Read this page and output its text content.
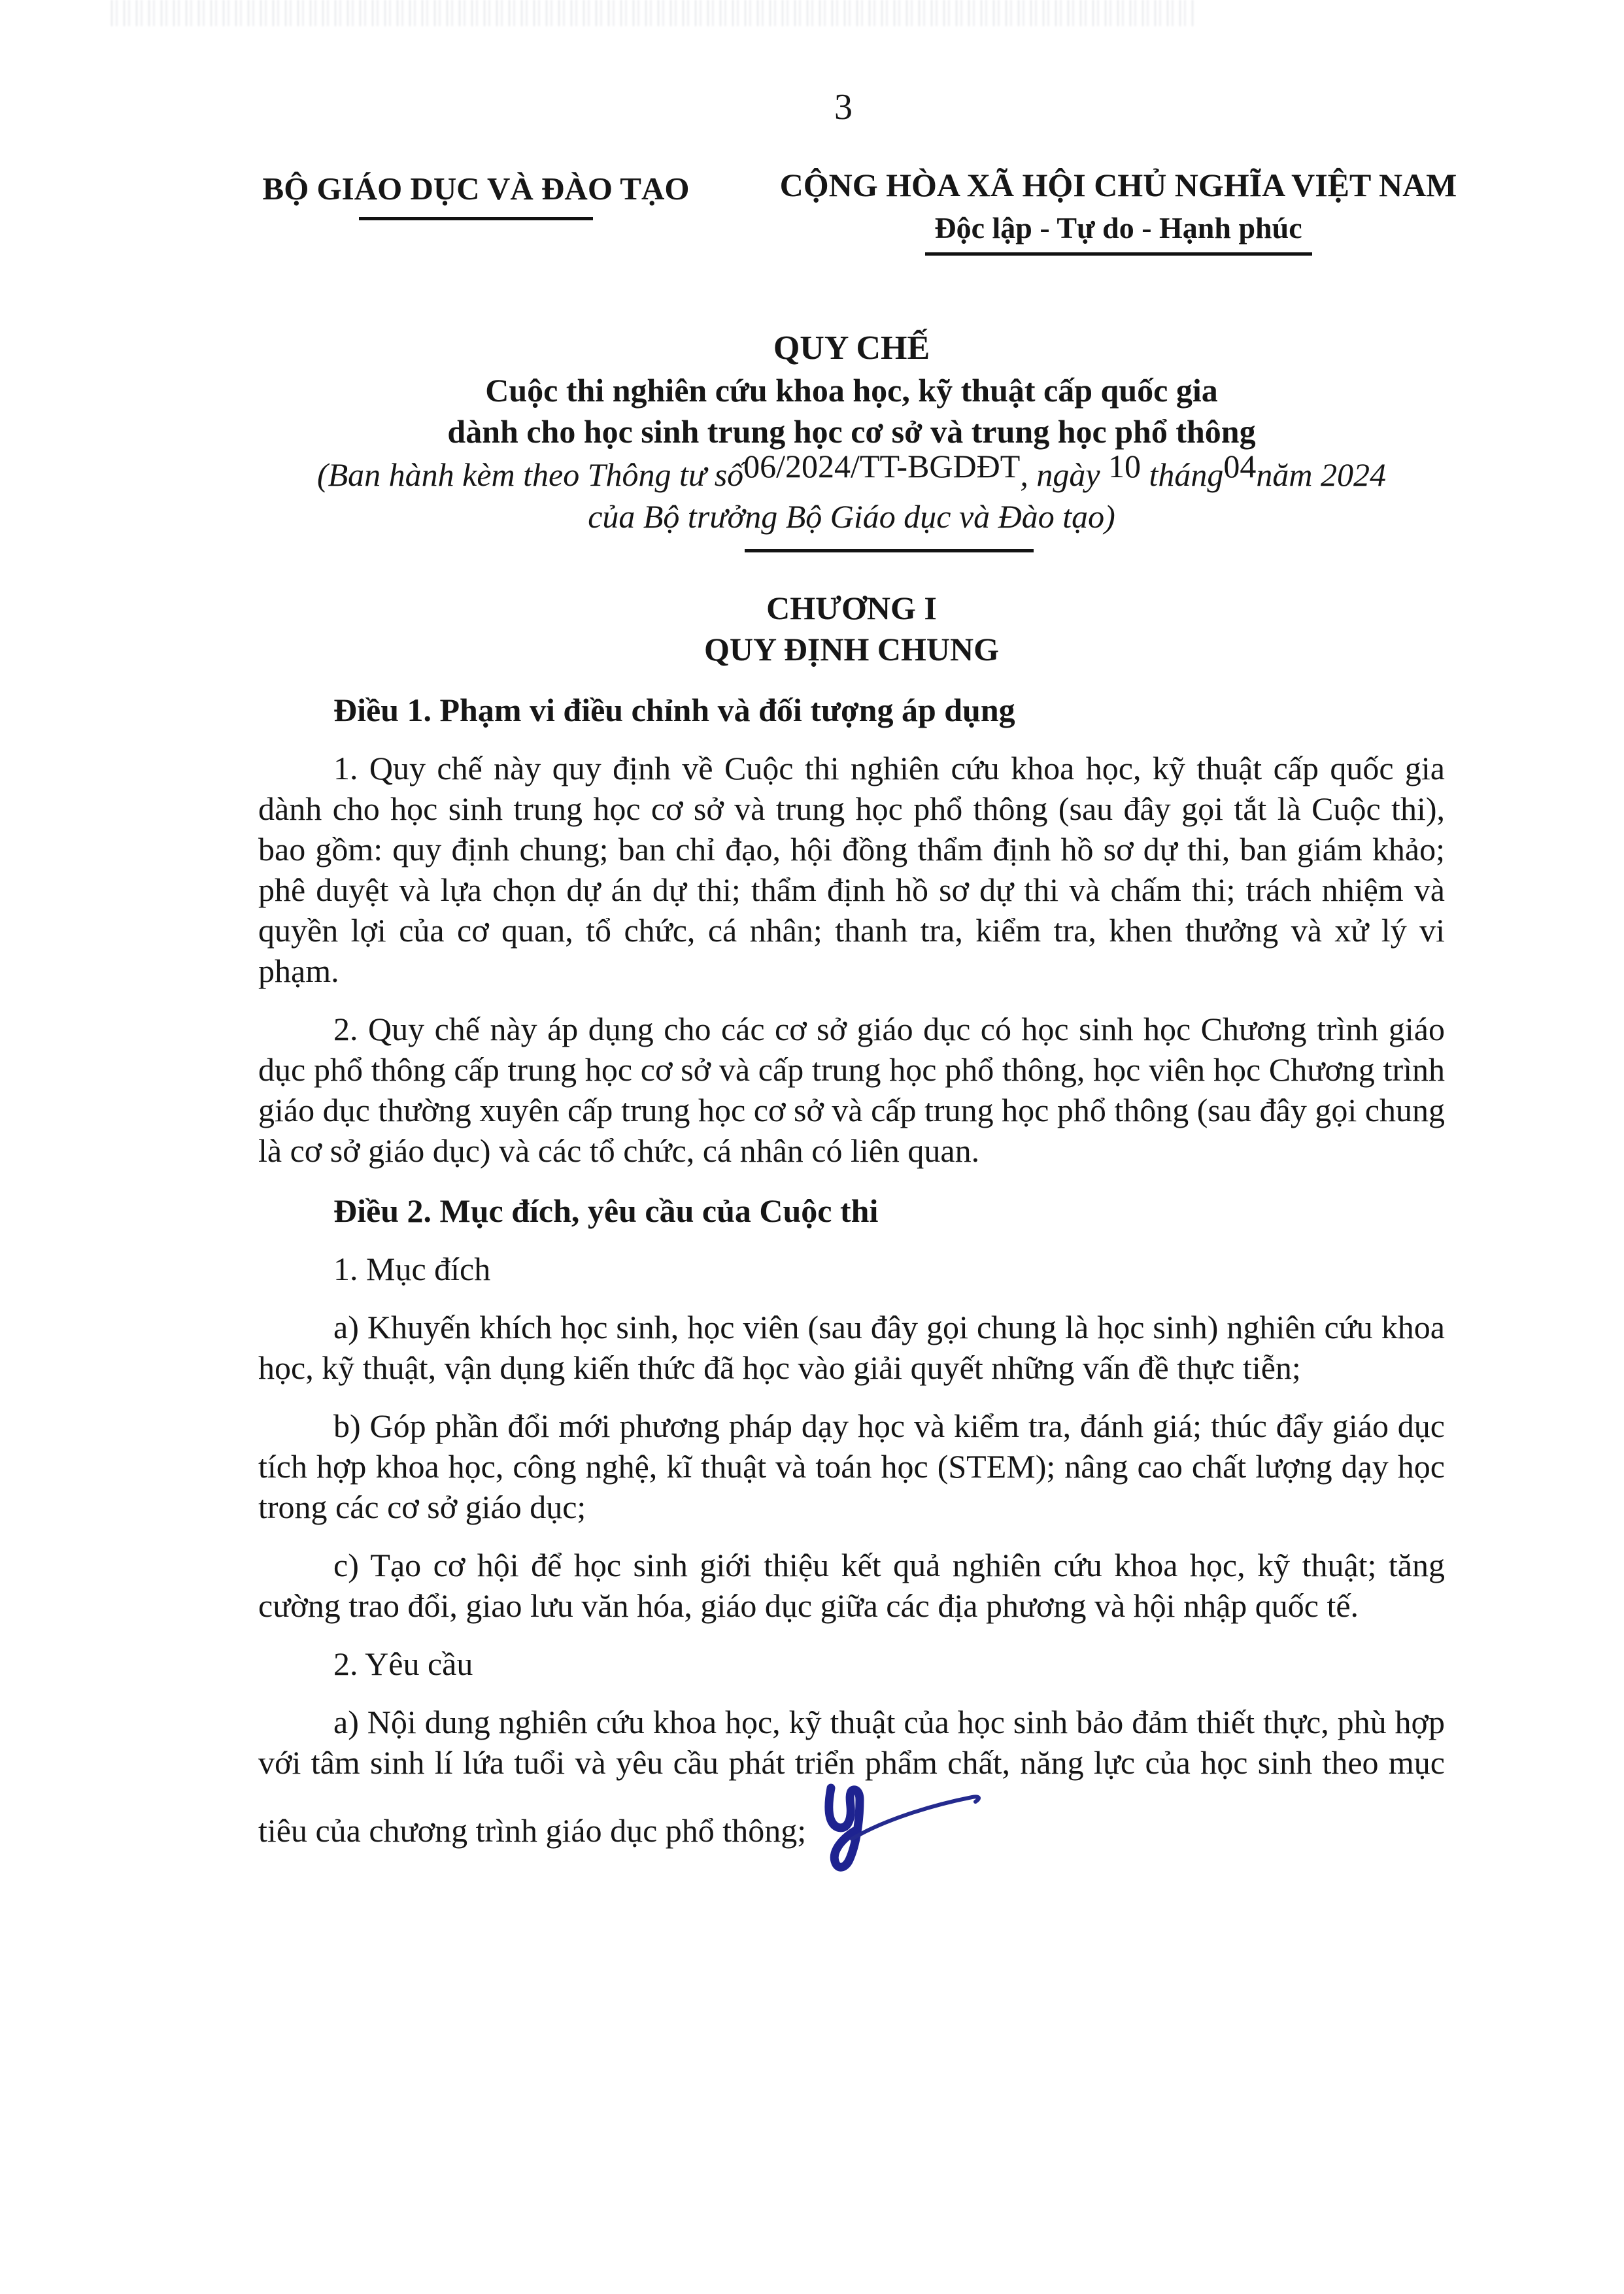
3
BỘ GIÁO DỤC VÀ ĐÀO TẠO	CỘNG HÒA XÃ HỘI CHỦ NGHĨA VIỆT NAM
Độc lập - Tự do - Hạnh phúc
QUY CHẾ
Cuộc thi nghiên cứu khoa học, kỹ thuật cấp quốc gia
dành cho học sinh trung học cơ sở và trung học phổ thông
(Ban hành kèm theo Thông tư số06/2024/TT-BGDĐT, ngày 10 tháng04năm 2024
của Bộ trưởng Bộ Giáo dục và Đào tạo)
CHƯƠNG I
QUY ĐỊNH CHUNG

Điều 1. Phạm vi điều chỉnh và đối tượng áp dụng

1. Quy chế này quy định về Cuộc thi nghiên cứu khoa học, kỹ thuật cấp quốc gia dành cho học sinh trung học cơ sở và trung học phổ thông (sau đây gọi tắt là Cuộc thi), bao gồm: quy định chung; ban chỉ đạo, hội đồng thẩm định hồ sơ dự thi, ban giám khảo; phê duyệt và lựa chọn dự án dự thi; thẩm định hồ sơ dự thi và chấm thi; trách nhiệm và quyền lợi của cơ quan, tổ chức, cá nhân; thanh tra, kiểm tra, khen thưởng và xử lý vi phạm.

2. Quy chế này áp dụng cho các cơ sở giáo dục có học sinh học Chương trình giáo dục phổ thông cấp trung học cơ sở và cấp trung học phổ thông, học viên học Chương trình giáo dục thường xuyên cấp trung học cơ sở và cấp trung học phổ thông (sau đây gọi chung là cơ sở giáo dục) và các tổ chức, cá nhân có liên quan.

Điều 2. Mục đích, yêu cầu của Cuộc thi

1. Mục đích

a) Khuyến khích học sinh, học viên (sau đây gọi chung là học sinh) nghiên cứu khoa học, kỹ thuật, vận dụng kiến thức đã học vào giải quyết những vấn đề thực tiễn;

b) Góp phần đổi mới phương pháp dạy học và kiểm tra, đánh giá; thúc đẩy giáo dục tích hợp khoa học, công nghệ, kĩ thuật và toán học (STEM); nâng cao chất lượng dạy học trong các cơ sở giáo dục;

c) Tạo cơ hội để học sinh giới thiệu kết quả nghiên cứu khoa học, kỹ thuật; tăng cường trao đổi, giao lưu văn hóa, giáo dục giữa các địa phương và hội nhập quốc tế.

2. Yêu cầu

a) Nội dung nghiên cứu khoa học, kỹ thuật của học sinh bảo đảm thiết thực, phù hợp với tâm sinh lí lứa tuổi và yêu cầu phát triển phẩm chất, năng lực của học sinh theo mục tiêu của chương trình giáo dục phổ thông;
